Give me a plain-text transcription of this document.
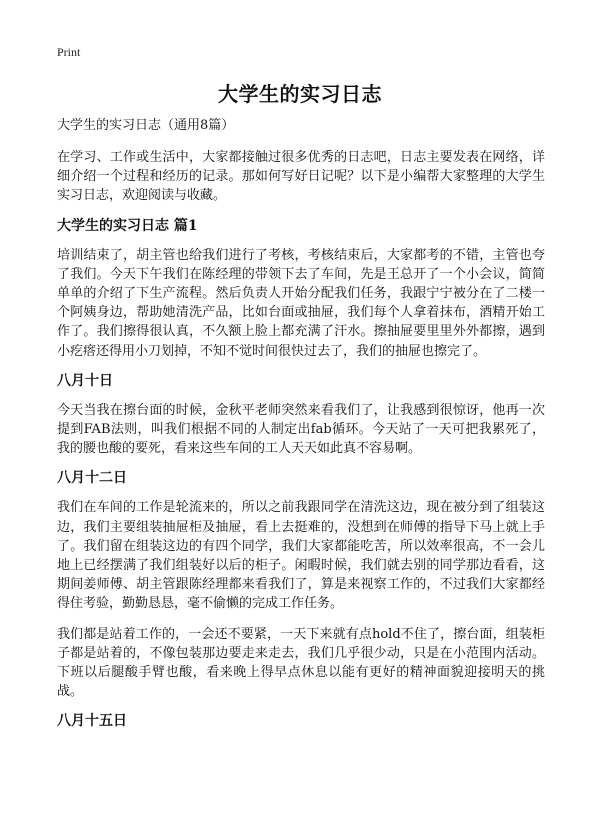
Print
大学生的实习日志
大学生的实习日志（通用8篇）

在学习、工作或生活中，大家都接触过很多优秀的日志吧，日志主要发表在网络，详细介绍一个过程和经历的记录。那如何写好日记呢？以下是小编帮大家整理的大学生实习日志，欢迎阅读与收藏。

大学生的实习日志 篇1

培训结束了，胡主管也给我们进行了考核，考核结束后，大家都考的不错，主管也夸了我们。今天下午我们在陈经理的带领下去了车间，先是王总开了一个小会议，简简单单的介绍了下生产流程。然后负责人开始分配我们任务，我跟宁宁被分在了二楼一个阿姨身边，帮助她清洗产品，比如台面或抽屉，我们每个人拿着抹布，酒精开始工作了。我们擦得很认真，不久额上脸上都充满了汗水。擦抽屉要里里外外都擦，遇到小疙瘩还得用小刀划掉，不知不觉时间很快过去了，我们的抽屉也擦完了。

八月十日

今天当我在擦台面的时候，金秋平老师突然来看我们了，让我感到很惊讶，他再一次提到FAB法则，叫我们根据不同的人制定出fab循环。今天站了一天可把我累死了，我的腰也酸的要死，看来这些车间的工人天天如此真不容易啊。

八月十二日

我们在车间的工作是轮流来的，所以之前我跟同学在清洗这边，现在被分到了组装这边，我们主要组装抽屉柜及抽屉，看上去挺难的，没想到在师傅的指导下马上就上手了。我们留在组装这边的有四个同学，我们大家都能吃苦，所以效率很高，不一会儿地上已经摆满了我们组装好以后的柜子。闲暇时候，我们就去别的同学那边看看，这期间姜师傅、胡主管跟陈经理都来看我们了，算是来视察工作的，不过我们大家都经得住考验，勤勤恳恳，毫不偷懒的完成工作任务。

我们都是站着工作的，一会还不要紧，一天下来就有点hold不住了，擦台面，组装柜子都是站着的，不像包装那边要走来走去，我们几乎很少动，只是在小范围内活动。下班以后腿酸手臂也酸，看来晚上得早点休息以能有更好的精神面貌迎接明天的挑战。

八月十五日
